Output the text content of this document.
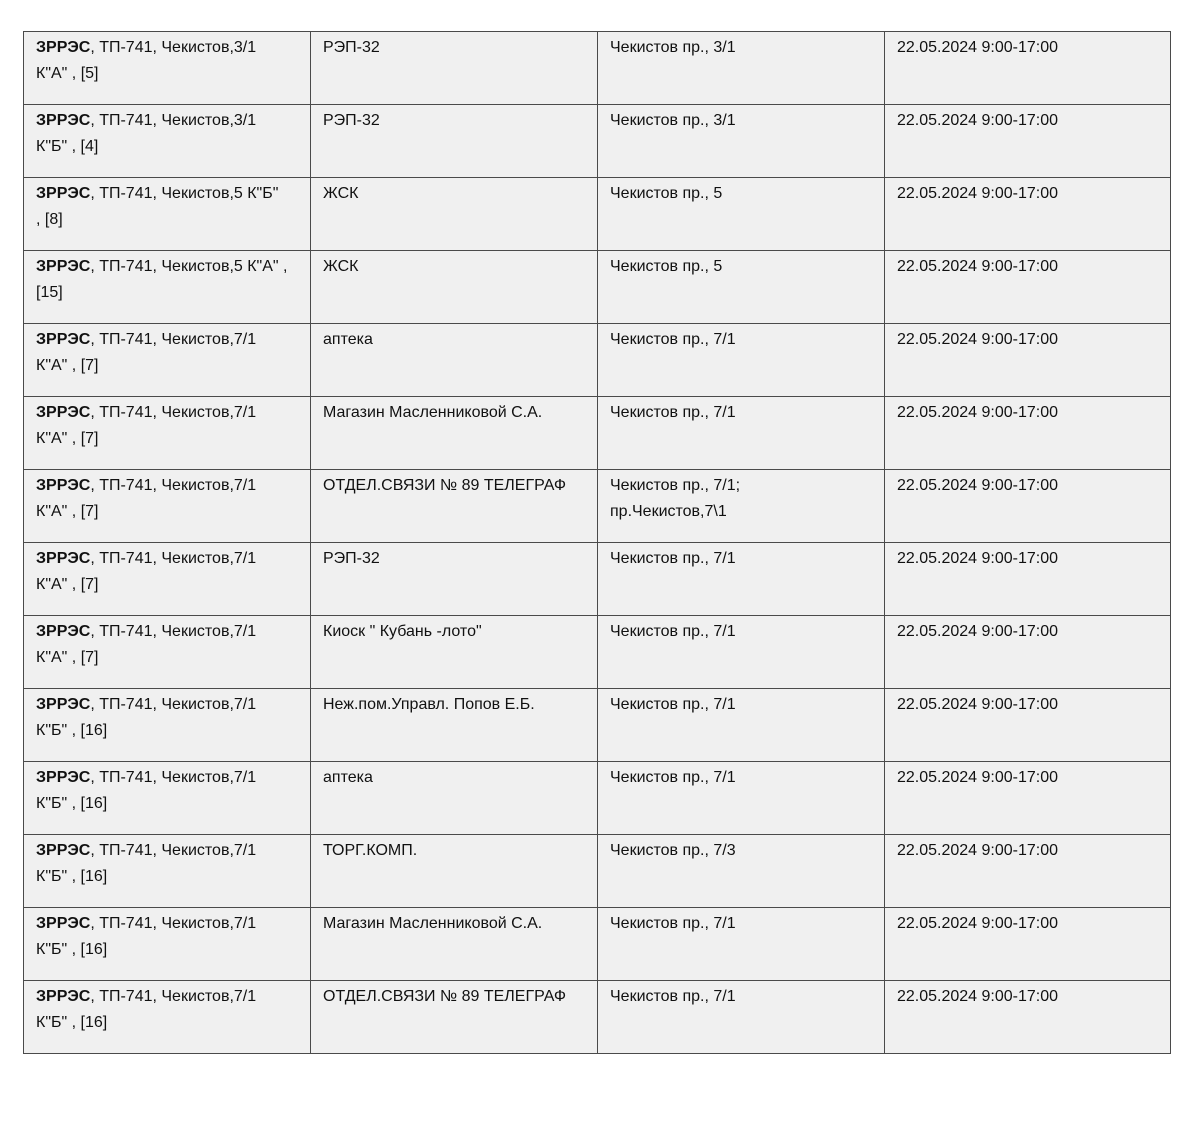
ЗРРЭС, ТП-741, Чекистов,3/1
К"А" , [5]	РЭП-32	Чекистов пр., 3/1	22.05.2024 9:00-17:00

ЗРРЭС, ТП-741, Чекистов,3/1
К"Б" , [4]	РЭП-32	Чекистов пр., 3/1	22.05.2024 9:00-17:00

ЗРРЭС, ТП-741, Чекистов,5 К"Б"
, [8]	ЖСК	Чекистов пр., 5	22.05.2024 9:00-17:00

ЗРРЭС, ТП-741, Чекистов,5 К"А" ,
[15]	ЖСК	Чекистов пр., 5	22.05.2024 9:00-17:00

ЗРРЭС, ТП-741, Чекистов,7/1
К"А" , [7]	аптека	Чекистов пр., 7/1	22.05.2024 9:00-17:00

ЗРРЭС, ТП-741, Чекистов,7/1
К"А" , [7]	Магазин Масленниковой С.А.	Чекистов пр., 7/1	22.05.2024 9:00-17:00

ЗРРЭС, ТП-741, Чекистов,7/1
К"А" , [7]	ОТДЕЛ.СВЯЗИ № 89 ТЕЛЕГРАФ	Чекистов пр., 7/1;
пр.Чекистов,7\1	22.05.2024 9:00-17:00

ЗРРЭС, ТП-741, Чекистов,7/1
К"А" , [7]	РЭП-32	Чекистов пр., 7/1	22.05.2024 9:00-17:00

ЗРРЭС, ТП-741, Чекистов,7/1
К"А" , [7]	Киоск " Кубань -лото"	Чекистов пр., 7/1	22.05.2024 9:00-17:00

ЗРРЭС, ТП-741, Чекистов,7/1
К"Б" , [16]	Неж.пом.Управл. Попов Е.Б.	Чекистов пр., 7/1	22.05.2024 9:00-17:00

ЗРРЭС, ТП-741, Чекистов,7/1
К"Б" , [16]	аптека	Чекистов пр., 7/1	22.05.2024 9:00-17:00

ЗРРЭС, ТП-741, Чекистов,7/1
К"Б" , [16]	ТОРГ.КОМП.	Чекистов пр., 7/3	22.05.2024 9:00-17:00

ЗРРЭС, ТП-741, Чекистов,7/1
К"Б" , [16]	Магазин Масленниковой С.А.	Чекистов пр., 7/1	22.05.2024 9:00-17:00

ЗРРЭС, ТП-741, Чекистов,7/1
К"Б" , [16]	ОТДЕЛ.СВЯЗИ № 89 ТЕЛЕГРАФ	Чекистов пр., 7/1	22.05.2024 9:00-17:00
